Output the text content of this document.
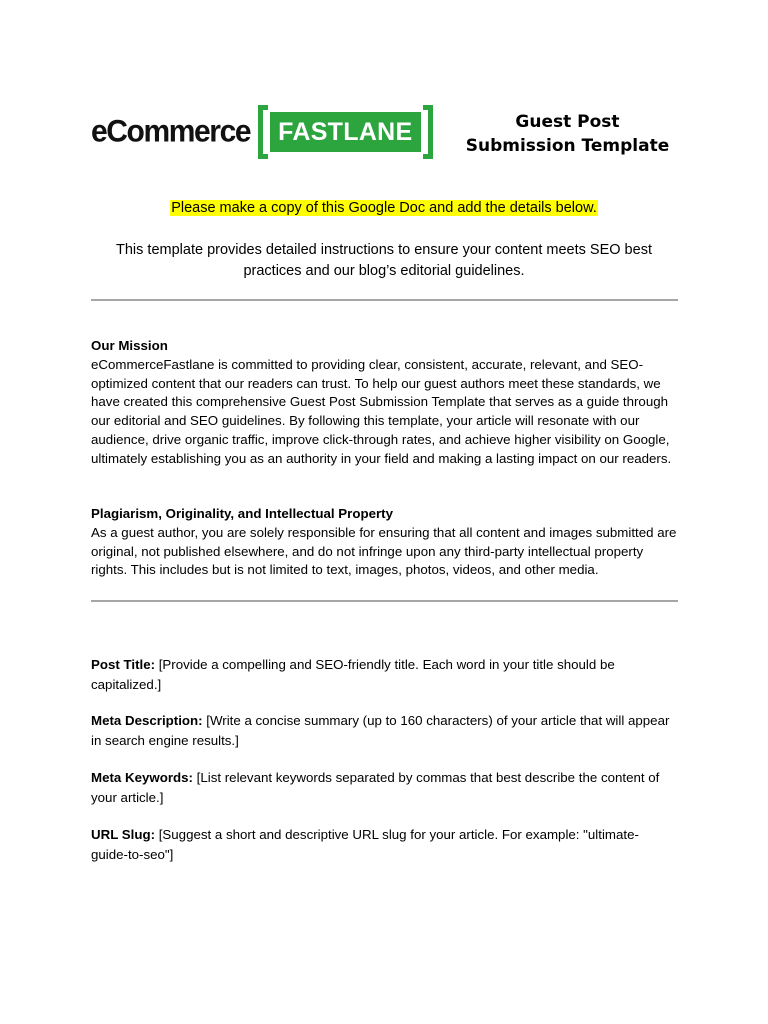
eCommerce	FASTLANE	Guest Post
Submission Template
Please make a copy of this Google Doc and add the details below.
This template provides detailed instructions to ensure your content meets SEO best practices and our blog’s editorial guidelines.
Our Mission
eCommerceFastlane is committed to providing clear, consistent, accurate, relevant, and SEO-optimized content that our readers can trust. To help our guest authors meet these standards, we have created this comprehensive Guest Post Submission Template that serves as a guide through our editorial and SEO guidelines. By following this template, your article will resonate with our audience, drive organic traffic, improve click-through rates, and achieve higher visibility on Google, ultimately establishing you as an authority in your field and making a lasting impact on our readers.
Plagiarism, Originality, and Intellectual Property
As a guest author, you are solely responsible for ensuring that all content and images submitted are original, not published elsewhere, and do not infringe upon any third-party intellectual property rights. This includes but is not limited to text, images, photos, videos, and other media.
Post Title: [Provide a compelling and SEO-friendly title. Each word in your title should be capitalized.]
Meta Description: [Write a concise summary (up to 160 characters) of your article that will appear in search engine results.]
Meta Keywords: [List relevant keywords separated by commas that best describe the content of your article.]
URL Slug: [Suggest a short and descriptive URL slug for your article. For example: "ultimate-guide-to-seo"]
